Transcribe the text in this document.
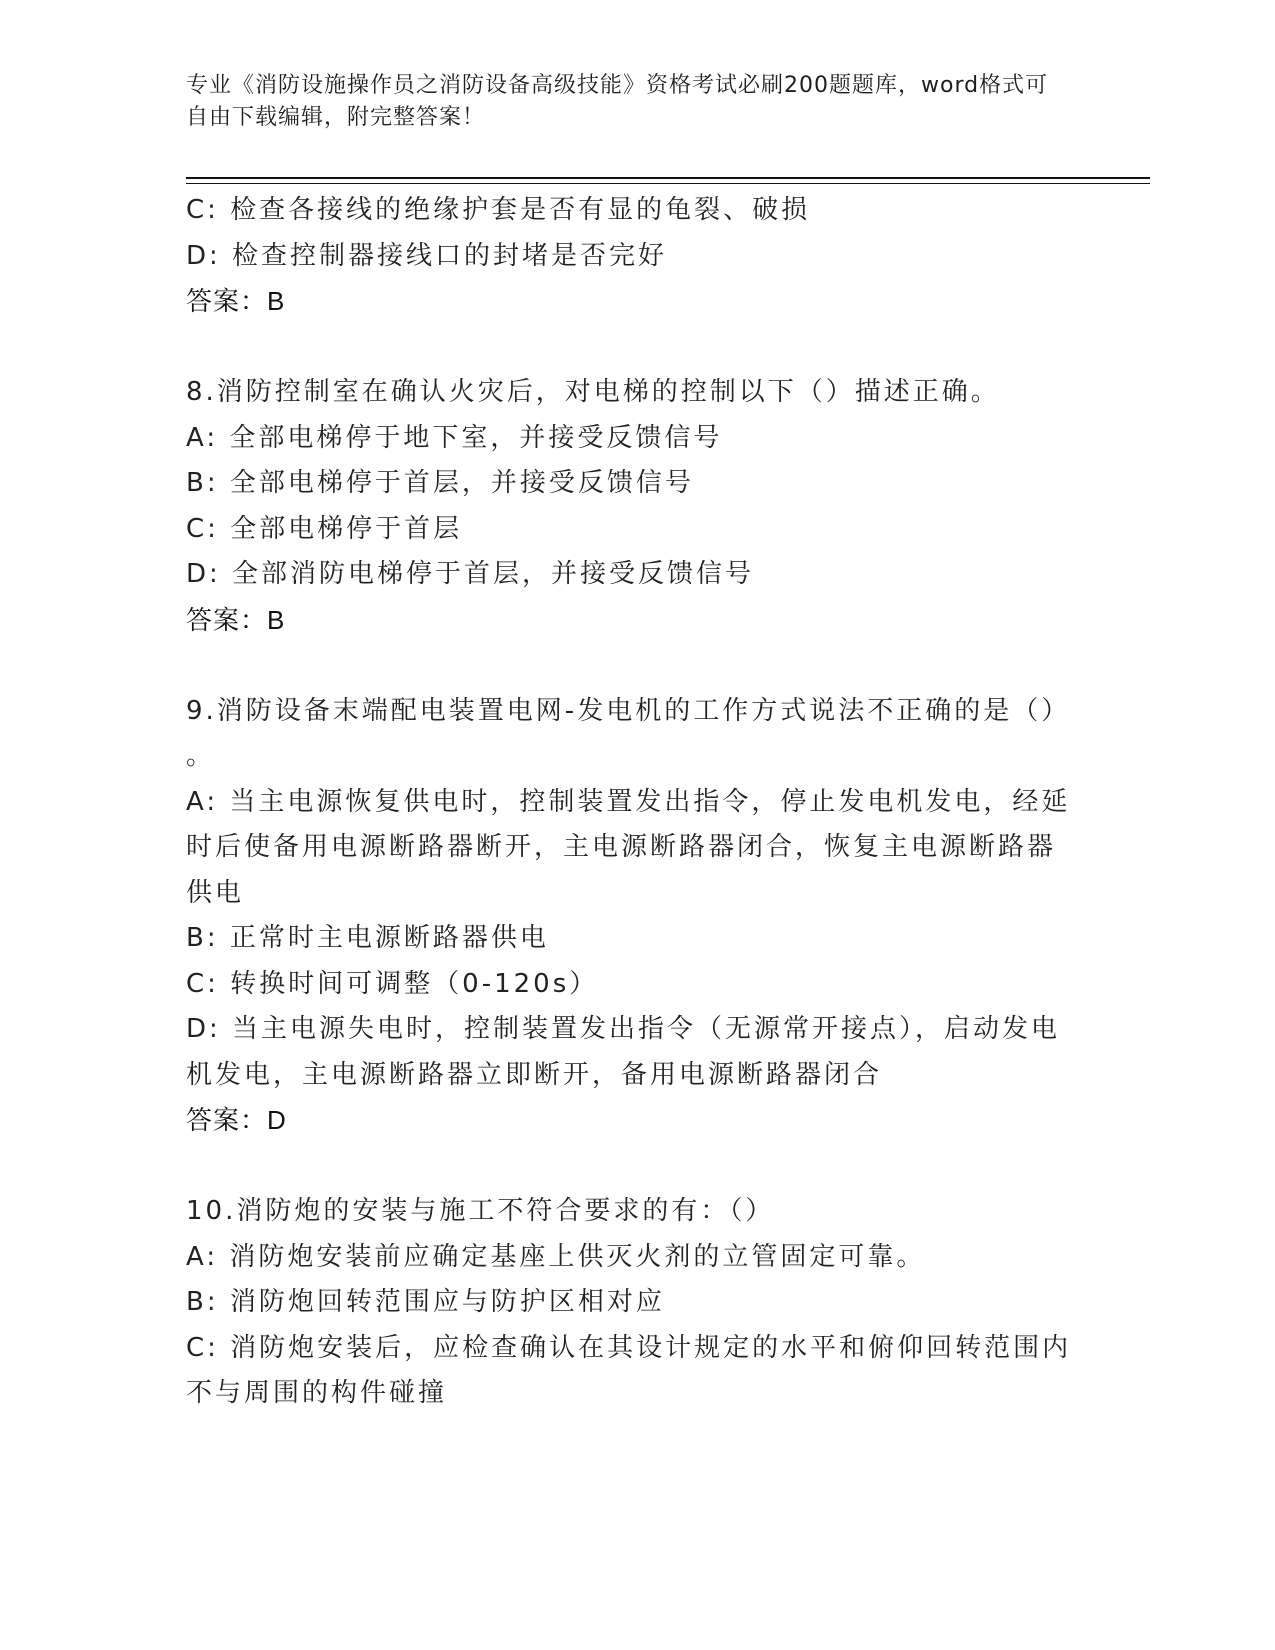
专业《消防设施操作员之消防设备高级技能》资格考试必刷200题题库，word格式可自由下载编辑，附完整答案！
C: 检查各接线的绝缘护套是否有显的龟裂、破损
D: 检查控制器接线口的封堵是否完好
答案：B
8.消防控制室在确认火灾后，对电梯的控制以下（）描述正确。
A: 全部电梯停于地下室，并接受反馈信号
B: 全部电梯停于首层，并接受反馈信号
C: 全部电梯停于首层
D: 全部消防电梯停于首层，并接受反馈信号
答案：B
9.消防设备末端配电装置电网-发电机的工作方式说法不正确的是（）
。
A: 当主电源恢复供电时，控制装置发出指令，停止发电机发电，经延
时后使备用电源断路器断开，主电源断路器闭合，恢复主电源断路器
供电
B: 正常时主电源断路器供电
C: 转换时间可调整（0-120s）
D: 当主电源失电时，控制装置发出指令（无源常开接点），启动发电
机发电，主电源断路器立即断开，备用电源断路器闭合
答案：D
10.消防炮的安装与施工不符合要求的有：（）
A: 消防炮安装前应确定基座上供灭火剂的立管固定可靠。
B: 消防炮回转范围应与防护区相对应
C: 消防炮安装后，应检查确认在其设计规定的水平和俯仰回转范围内
不与周围的构件碰撞
